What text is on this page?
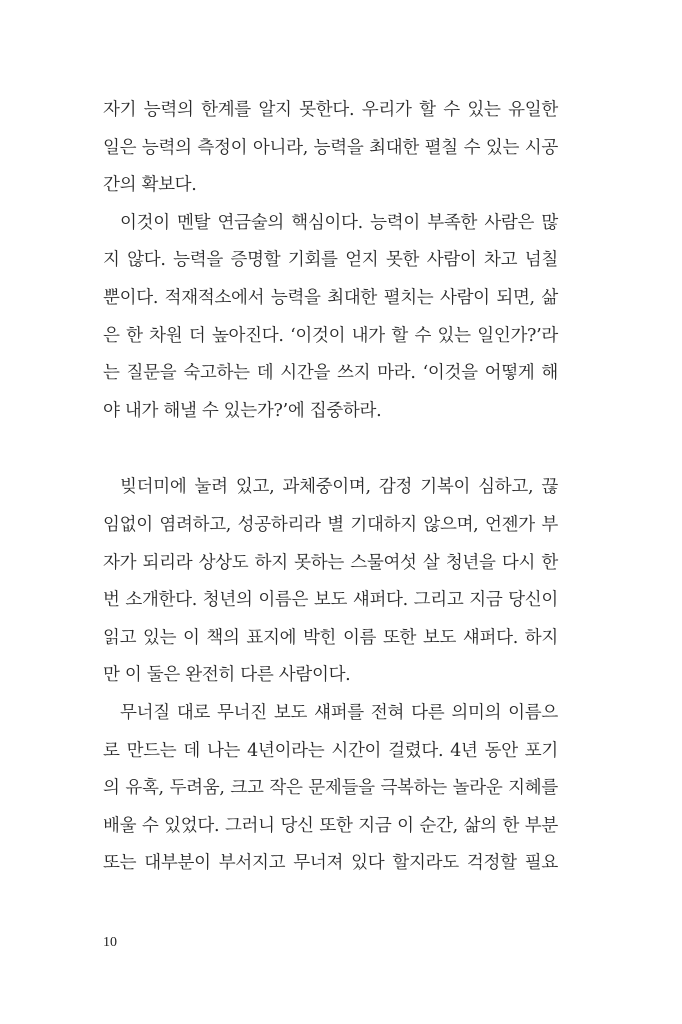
자기 능력의 한계를 알지 못한다. 우리가 할 수 있는 유일한
일은 능력의 측정이 아니라, 능력을 최대한 펼칠 수 있는 시공
간의 확보다.
이것이 멘탈 연금술의 핵심이다. 능력이 부족한 사람은 많
지 않다. 능력을 증명할 기회를 얻지 못한 사람이 차고 넘칠
뿐이다. 적재적소에서 능력을 최대한 펼치는 사람이 되면, 삶
은 한 차원 더 높아진다. ‘이것이 내가 할 수 있는 일인가?’라
는 질문을 숙고하는 데 시간을 쓰지 마라. ‘이것을 어떻게 해
야 내가 해낼 수 있는가?’에 집중하라.
빚더미에 눌려 있고, 과체중이며, 감정 기복이 심하고, 끊
임없이 염려하고, 성공하리라 별 기대하지 않으며, 언젠가 부
자가 되리라 상상도 하지 못하는 스물여섯 살 청년을 다시 한
번 소개한다. 청년의 이름은 보도 섀퍼다. 그리고 지금 당신이
읽고 있는 이 책의 표지에 박힌 이름 또한 보도 섀퍼다. 하지
만 이 둘은 완전히 다른 사람이다.
무너질 대로 무너진 보도 섀퍼를 전혀 다른 의미의 이름으
로 만드는 데 나는 4년이라는 시간이 걸렸다. 4년 동안 포기
의 유혹, 두려움, 크고 작은 문제들을 극복하는 놀라운 지혜를
배울 수 있었다. 그러니 당신 또한 지금 이 순간, 삶의 한 부분
또는 대부분이 부서지고 무너져 있다 할지라도 걱정할 필요
10
